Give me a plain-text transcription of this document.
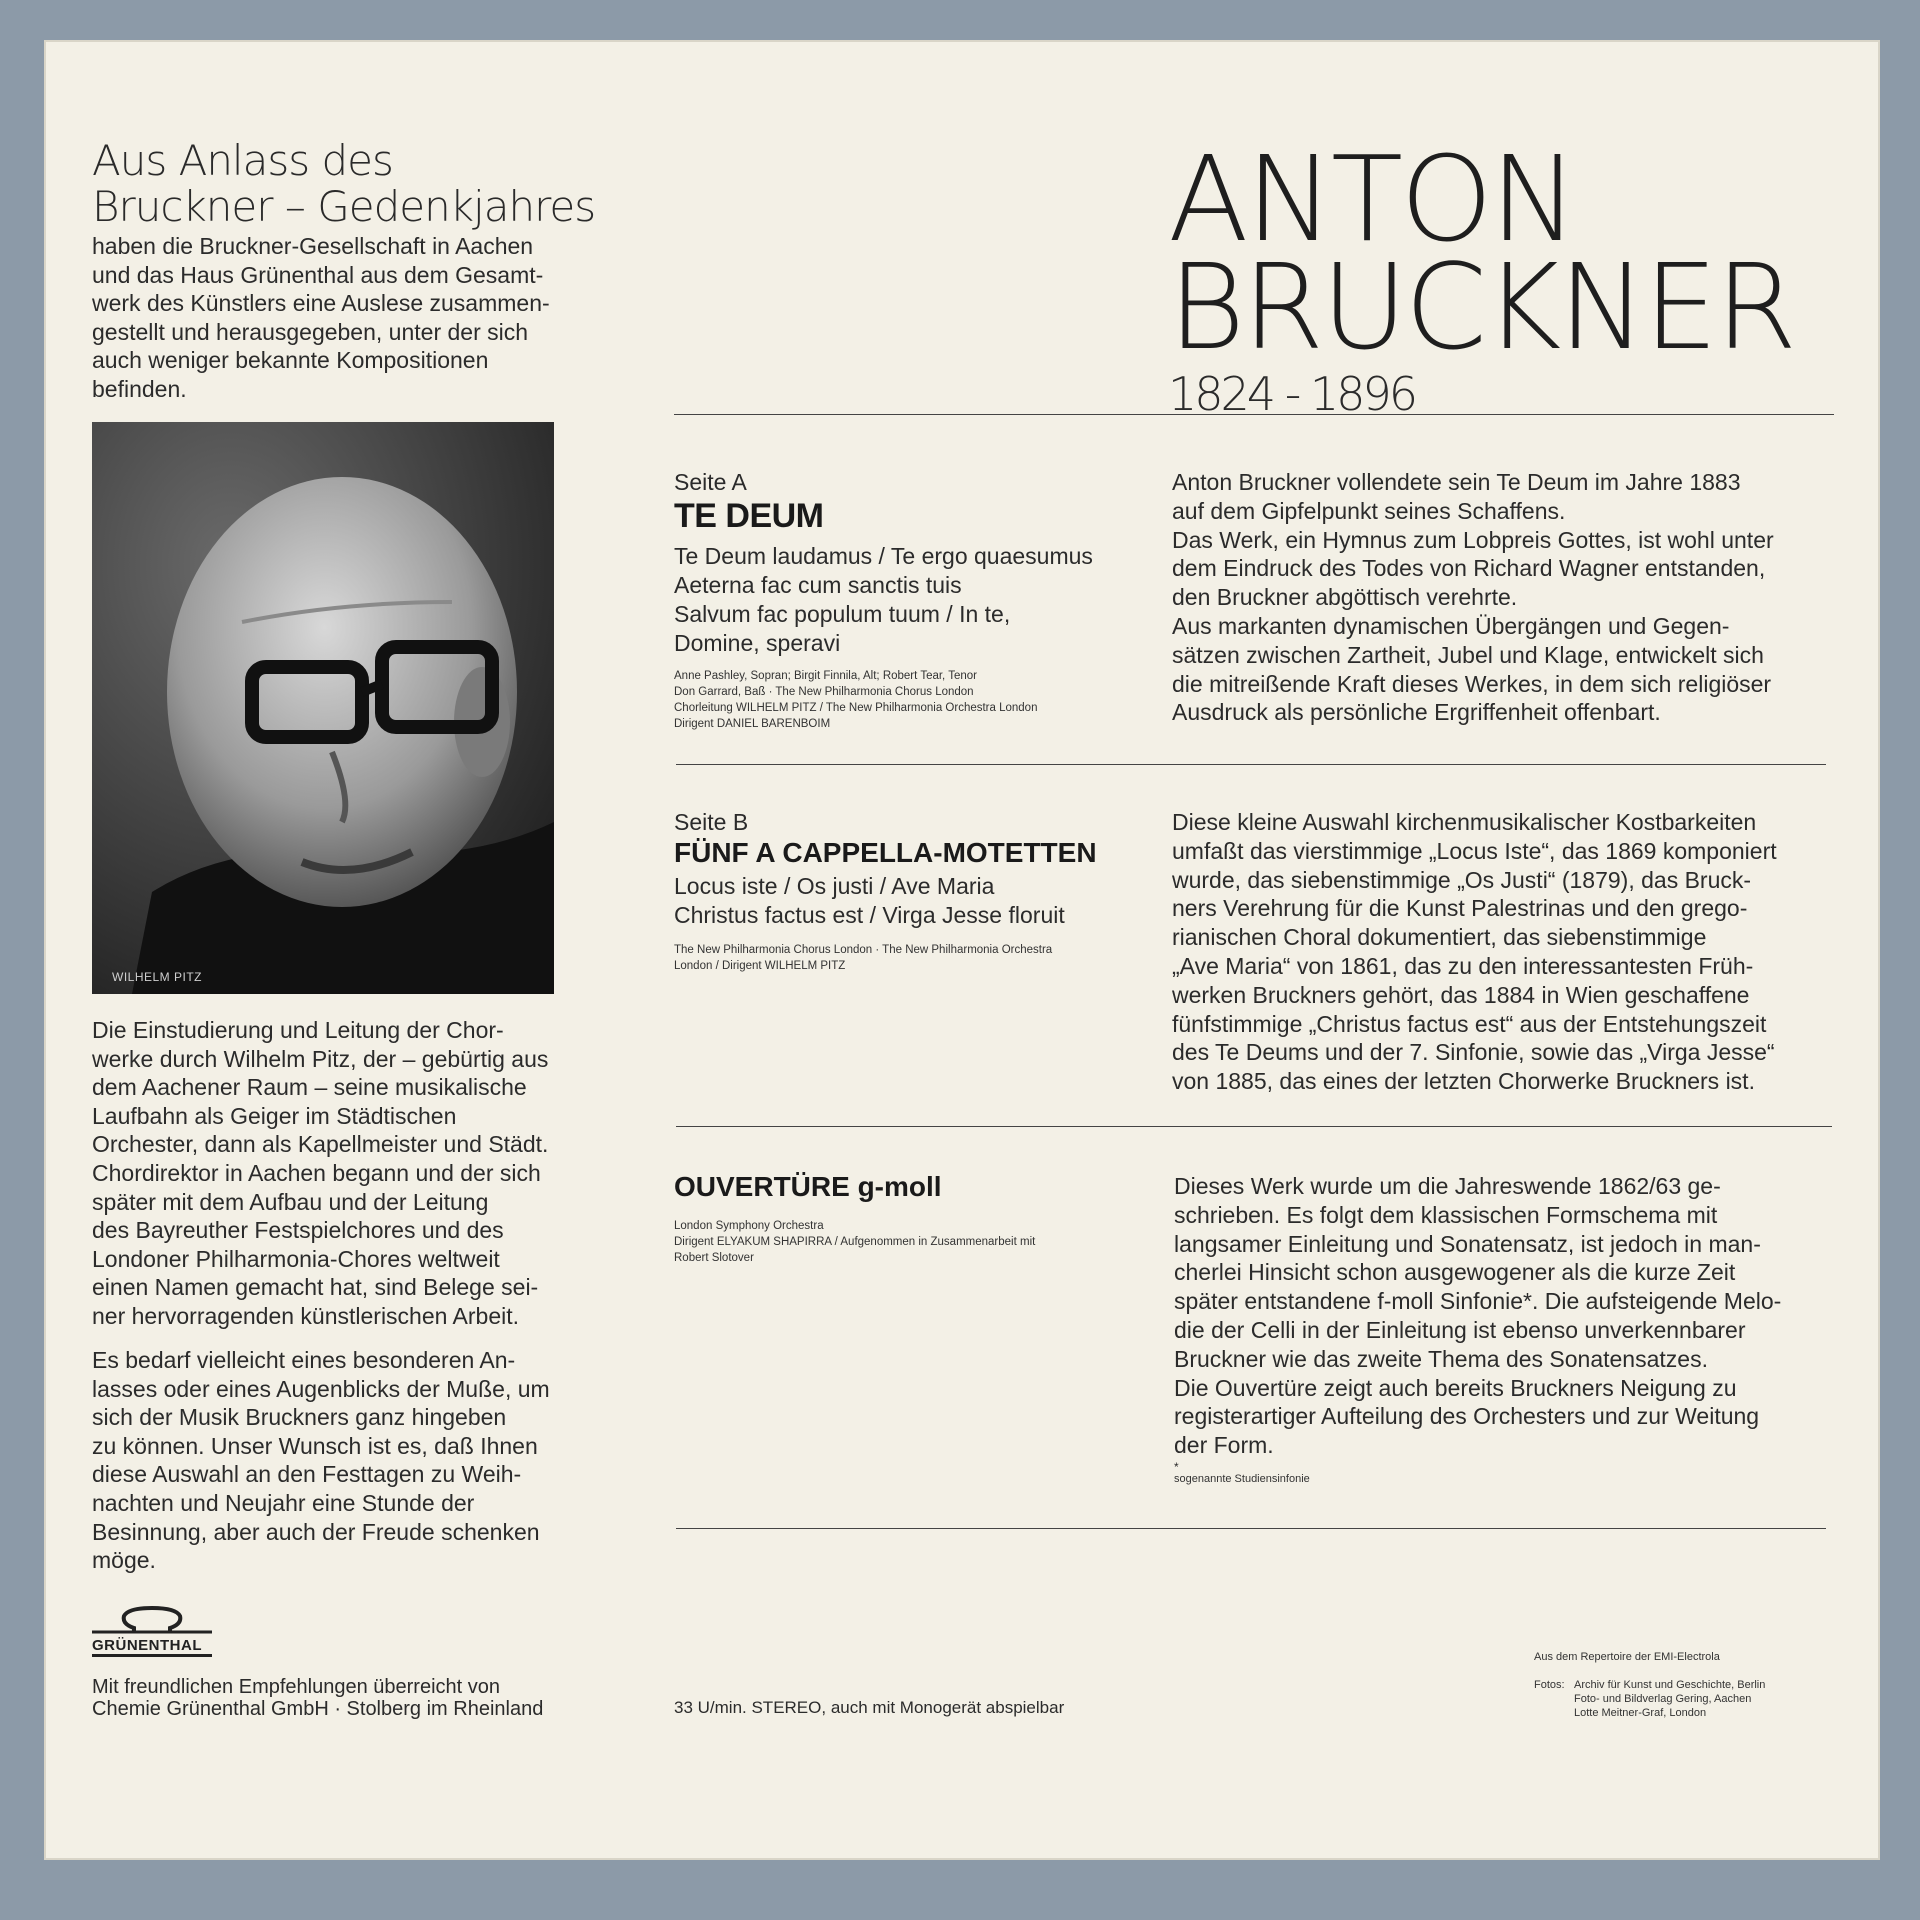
Aus Anlass des
Bruckner – Gedenkjahres
haben die Bruckner-Gesellschaft in Aachen
und das Haus Grünenthal aus dem Gesamt-
werk des Künstlers eine Auslese zusammen-
gestellt und herausgegeben, unter der sich
auch weniger bekannte Kompositionen
befinden.
WILHELM PITZ
Die Einstudierung und Leitung der Chor-
werke durch Wilhelm Pitz, der – gebürtig aus
dem Aachener Raum – seine musikalische
Laufbahn als Geiger im Städtischen
Orchester, dann als Kapellmeister und Städt.
Chordirektor in Aachen begann und der sich
später mit dem Aufbau und der Leitung
des Bayreuther Festspielchores und des
Londoner Philharmonia-Chores weltweit
einen Namen gemacht hat, sind Belege sei-
ner hervorragenden künstlerischen Arbeit.
Es bedarf vielleicht eines besonderen An-
lasses oder eines Augenblicks der Muße, um
sich der Musik Bruckners ganz hingeben
zu können. Unser Wunsch ist es, daß Ihnen
diese Auswahl an den Festtagen zu Weih-
nachten und Neujahr eine Stunde der
Besinnung, aber auch der Freude schenken
möge.
GRÜNENTHAL
Mit freundlichen Empfehlungen überreicht von
Chemie Grünenthal GmbH · Stolberg im Rheinland
ANTON
BRUCKNER
1824 - 1896
Seite A
TE DEUM
Te Deum laudamus / Te ergo quaesumus
Aeterna fac cum sanctis tuis
Salvum fac populum tuum / In te,
Domine, speravi
Anne Pashley, Sopran; Birgit Finnila, Alt; Robert Tear, Tenor
Don Garrard, Baß · The New Philharmonia Chorus London
Chorleitung WILHELM PITZ / The New Philharmonia Orchestra London
Dirigent DANIEL BARENBOIM
Anton Bruckner vollendete sein Te Deum im Jahre 1883
auf dem Gipfelpunkt seines Schaffens.
Das Werk, ein Hymnus zum Lobpreis Gottes, ist wohl unter
dem Eindruck des Todes von Richard Wagner entstanden,
den Bruckner abgöttisch verehrte.
Aus markanten dynamischen Übergängen und Gegen-
sätzen zwischen Zartheit, Jubel und Klage, entwickelt sich
die mitreißende Kraft dieses Werkes, in dem sich religiöser
Ausdruck als persönliche Ergriffenheit offenbart.
Seite B
FÜNF A CAPPELLA-MOTETTEN
Locus iste / Os justi / Ave Maria
Christus factus est / Virga Jesse floruit
The New Philharmonia Chorus London · The New Philharmonia Orchestra
London / Dirigent WILHELM PITZ
Diese kleine Auswahl kirchenmusikalischer Kostbarkeiten
umfaßt das vierstimmige „Locus Iste“, das 1869 komponiert
wurde, das siebenstimmige „Os Justi“ (1879), das Bruck-
ners Verehrung für die Kunst Palestrinas und den grego-
rianischen Choral dokumentiert, das siebenstimmige
„Ave Maria“ von 1861, das zu den interessantesten Früh-
werken Bruckners gehört, das 1884 in Wien geschaffene
fünfstimmige „Christus factus est“ aus der Entstehungszeit
des Te Deums und der 7. Sinfonie, sowie das „Virga Jesse“
von 1885, das eines der letzten Chorwerke Bruckners ist.
OUVERTÜRE g-moll
London Symphony Orchestra
Dirigent ELYAKUM SHAPIRRA / Aufgenommen in Zusammenarbeit mit
Robert Slotover
Dieses Werk wurde um die Jahreswende 1862/63 ge-
schrieben. Es folgt dem klassischen Formschema mit
langsamer Einleitung und Sonatensatz, ist jedoch in man-
cherlei Hinsicht schon ausgewogener als die kurze Zeit
später entstandene f-moll Sinfonie*. Die aufsteigende Melo-
die der Celli in der Einleitung ist ebenso unverkennbarer
Bruckner wie das zweite Thema des Sonatensatzes.
Die Ouvertüre zeigt auch bereits Bruckners Neigung zu
registerartiger Aufteilung des Orchesters und zur Weitung
der Form.
*
sogenannte Studiensinfonie
33 U/min. STEREO, auch mit Monogerät abspielbar
Aus dem Repertoire der EMI-Electrola
Fotos: Archiv für Kunst und Geschichte, Berlin
Foto- und Bildverlag Gering, Aachen
Lotte Meitner-Graf, London
